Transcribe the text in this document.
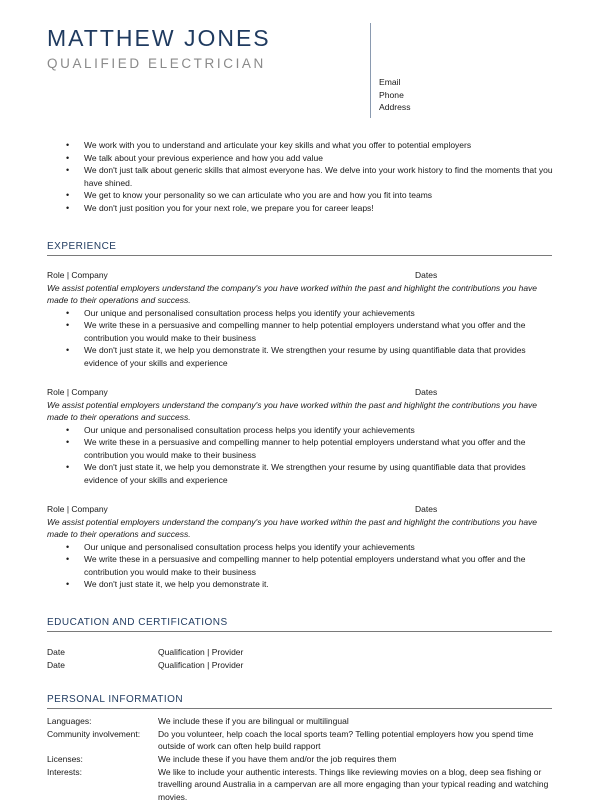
MATTHEW JONES
QUALIFIED ELECTRICIAN
Email
Phone
Address
• We work with you to understand and articulate your key skills and what you offer to potential employers
• We talk about your previous experience and how you add value
• We don't just talk about generic skills that almost everyone has. We delve into your work history to find the moments that you have shined.
• We get to know your personality so we can articulate who you are and how you fit into teams
• We don't just position you for your next role, we prepare you for career leaps!
EXPERIENCE
Role | Company	Dates
We assist potential employers understand the company's you have worked within the past and highlight the contributions you have made to their operations and success.
• Our unique and personalised consultation process helps you identify your achievements
• We write these in a persuasive and compelling manner to help potential employers understand what you offer and the contribution you would make to their business
• We don't just state it, we help you demonstrate it. We strengthen your resume by using quantifiable data that provides evidence of your skills and experience
Role | Company	Dates
We assist potential employers understand the company's you have worked within the past and highlight the contributions you have made to their operations and success.
• Our unique and personalised consultation process helps you identify your achievements
• We write these in a persuasive and compelling manner to help potential employers understand what you offer and the contribution you would make to their business
• We don't just state it, we help you demonstrate it. We strengthen your resume by using quantifiable data that provides evidence of your skills and experience
Role | Company	Dates
We assist potential employers understand the company's you have worked within the past and highlight the contributions you have made to their operations and success.
• Our unique and personalised consultation process helps you identify your achievements
• We write these in a persuasive and compelling manner to help potential employers understand what you offer and the contribution you would make to their business
• We don't just state it, we help you demonstrate it.
EDUCATION AND CERTIFICATIONS
Date	Qualification | Provider
Date	Qualification | Provider
PERSONAL INFORMATION
Languages:	We include these if you are bilingual or multilingual
Community involvement: Do you volunteer, help coach the local sports team? Telling potential employers how you spend time outside of work can often help build rapport
Licenses:	We include these if you have them and/or the job requires them
Interests:	We like to include your authentic interests. Things like reviewing movies on a blog, deep sea fishing or travelling around Australia in a campervan are all more engaging than your typical reading and watching movies.
